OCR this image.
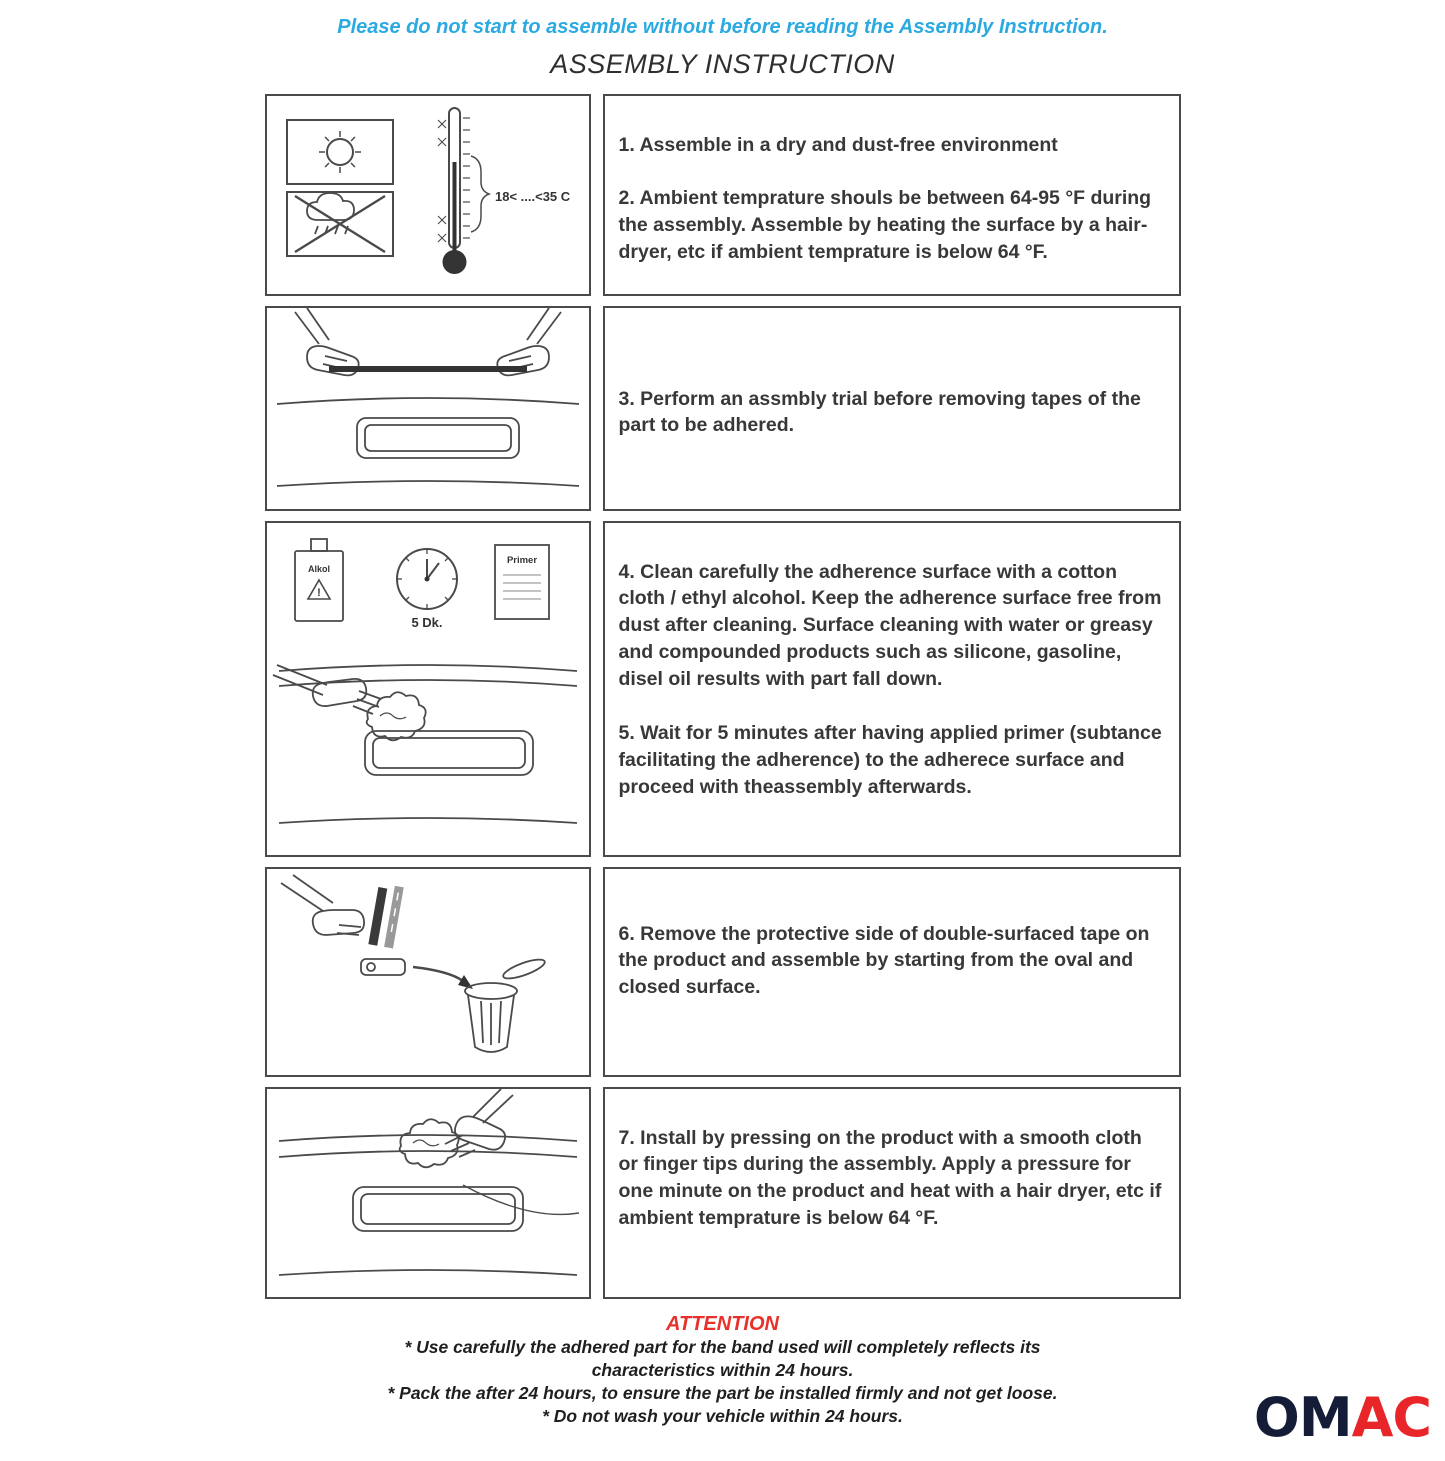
Please do not start to assemble without before reading the Assembly Instruction.
ASSEMBLY INSTRUCTION
18< ....<35 C

1. Assemble in a dry and dust-free environment

2. Ambient temprature shouls be between 64-95 °F during the assembly. Assemble by heating the surface by a hair-dryer, etc if ambient temprature is below 64 °F.

3. Perform an assmbly trial before removing tapes of the part to be adhered.

Alkol
!
5 Dk.
Primer	4. Clean carefully the adherence surface with a cotton cloth / ethyl alcohol. Keep the adherence surface free from dust after cleaning. Surface cleaning with water or greasy and compounded products such as silicone, gasoline, disel oil results with part fall down.

5. Wait for 5 minutes after having applied primer (subtance facilitating the adherence) to the adherece surface and proceed with theassembly afterwards.

6. Remove the protective side of double-surfaced tape on the product and assemble by starting from the oval and closed surface.

7. Install by pressing on the product with a smooth cloth or finger tips during the assembly. Apply a pressure for one minute on the product and heat with a hair dryer, etc if ambient temprature is below 64 °F.

ATTENTION
* Use carefully the adhered part for the band used will completely reflects its
characteristics within 24 hours.
* Pack the after 24 hours, to ensure the part be installed firmly and not get loose.
* Do not wash your vehicle within 24 hours.	OMAC
